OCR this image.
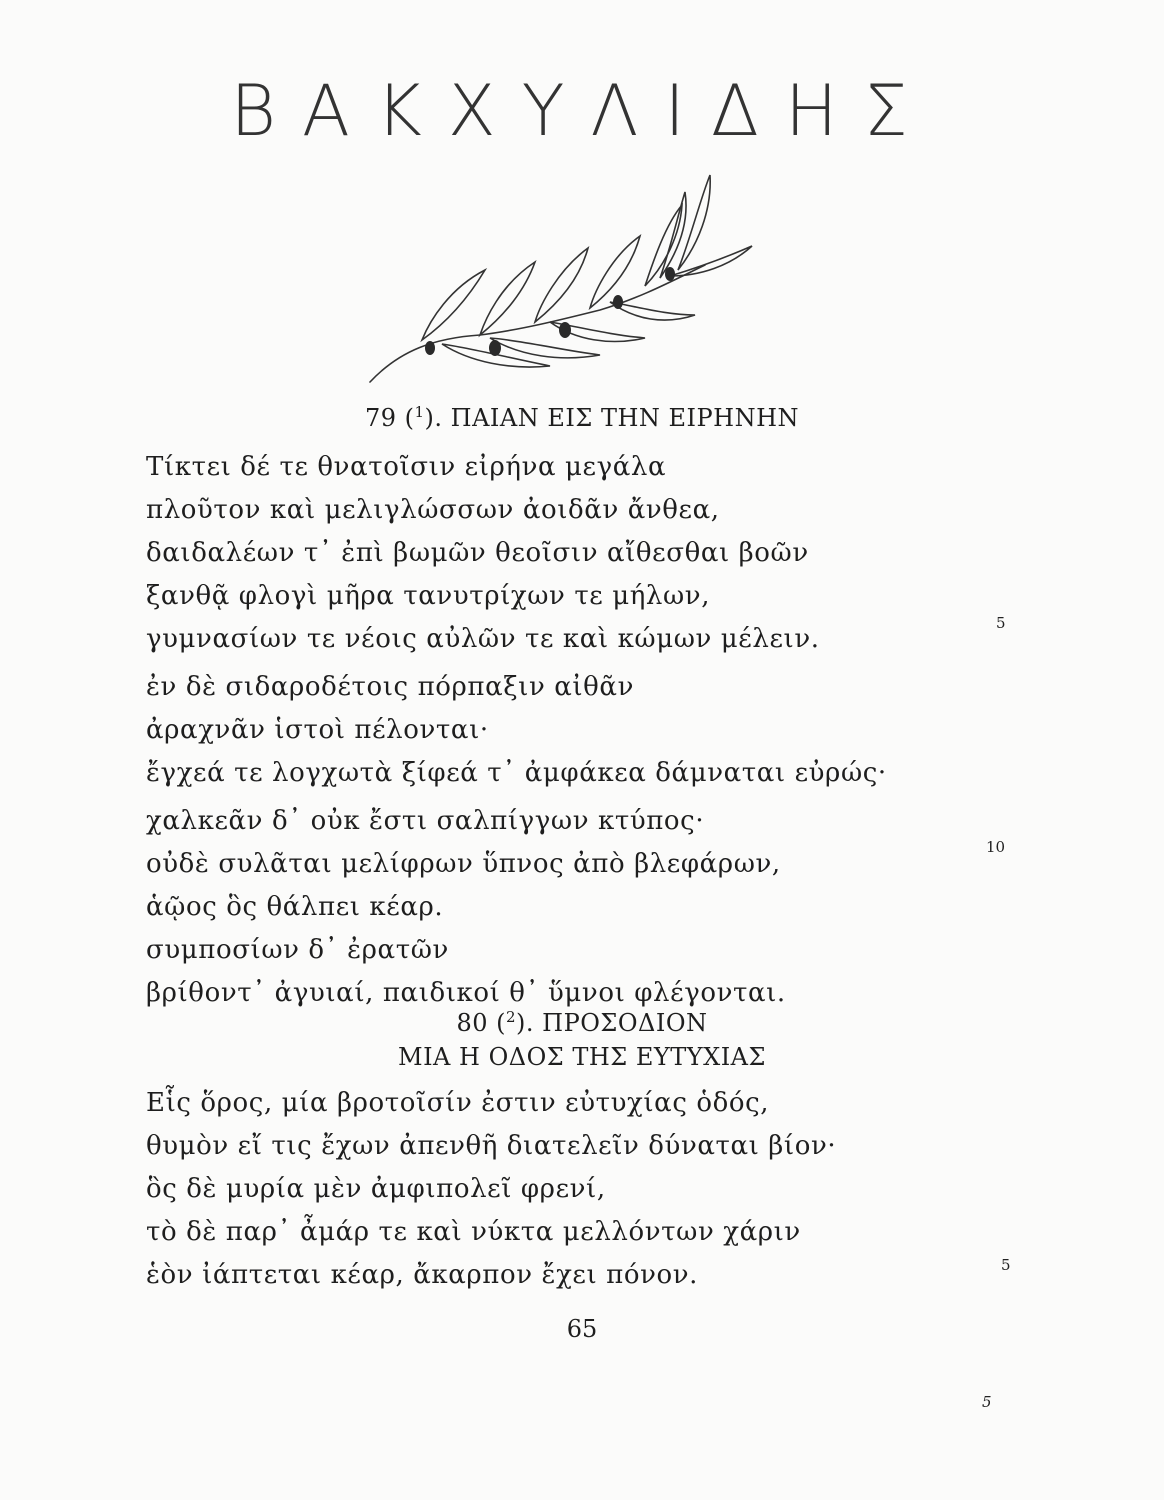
ΒΑΚΧΥΛΙΔΗΣ
79 ($^1$). ΠΑΙΑΝ ΕΙΣ ΤΗΝ ΕΙΡΗΝΗΝ

Τίκτει δέ τε θνατοῖσιν εἰρήνα μεγάλα

πλοῦτον καὶ μελιγλώσσων ἀοιδᾶν ἄνθεα,

δαιδαλέων τ᾽ ἐπὶ βωμῶν θεοῖσιν αἴθεσθαι βοῶν

ξανθᾷ φλογὶ μῆρα τανυτρίχων τε μήλων,

γυμνασίων τε νέοις αὐλῶν τε καὶ κώμων μέλειν.

5

ἐν δὲ σιδαροδέτοις πόρπαξιν αἰθᾶν

ἀραχνᾶν ἱστοὶ πέλονται·

ἔγχεά τε λογχωτὰ ξίφεά τ᾽ ἀμφάκεα δάμναται εὐρώς·

χαλκεᾶν δ᾽ οὐκ ἔστι σαλπίγγων κτύπος·

οὐδὲ συλᾶται μελίφρων ὕπνος ἀπὸ βλεφάρων,

10

ἁῷος ὃς θάλπει κέαρ.

συμποσίων δ᾽ ἐρατῶν

βρίθοντ᾽ ἀγυιαί, παιδικοί θ᾽ ὕμνοι φλέγονται.

80 ($^2$). ΠΡΟΣΟΔΙΟΝ
ΜΙΑ Η ΟΔΟΣ ΤΗΣ ΕΥΤΥΧΙΑΣ

Εἷς ὅρος, μία βροτοῖσίν ἐστιν εὐτυχίας ὁδός,

θυμὸν εἴ τις ἔχων ἀπενθῆ διατελεῖν δύναται βίον·

ὃς δὲ μυρία μὲν ἀμφιπολεῖ φρενί,

τὸ δὲ παρ᾽ ἆμάρ τε καὶ νύκτα μελλόντων χάριν

ἑὸν ἰάπτεται κέαρ, ἄκαρπον ἔχει πόνον.	5

65

5
